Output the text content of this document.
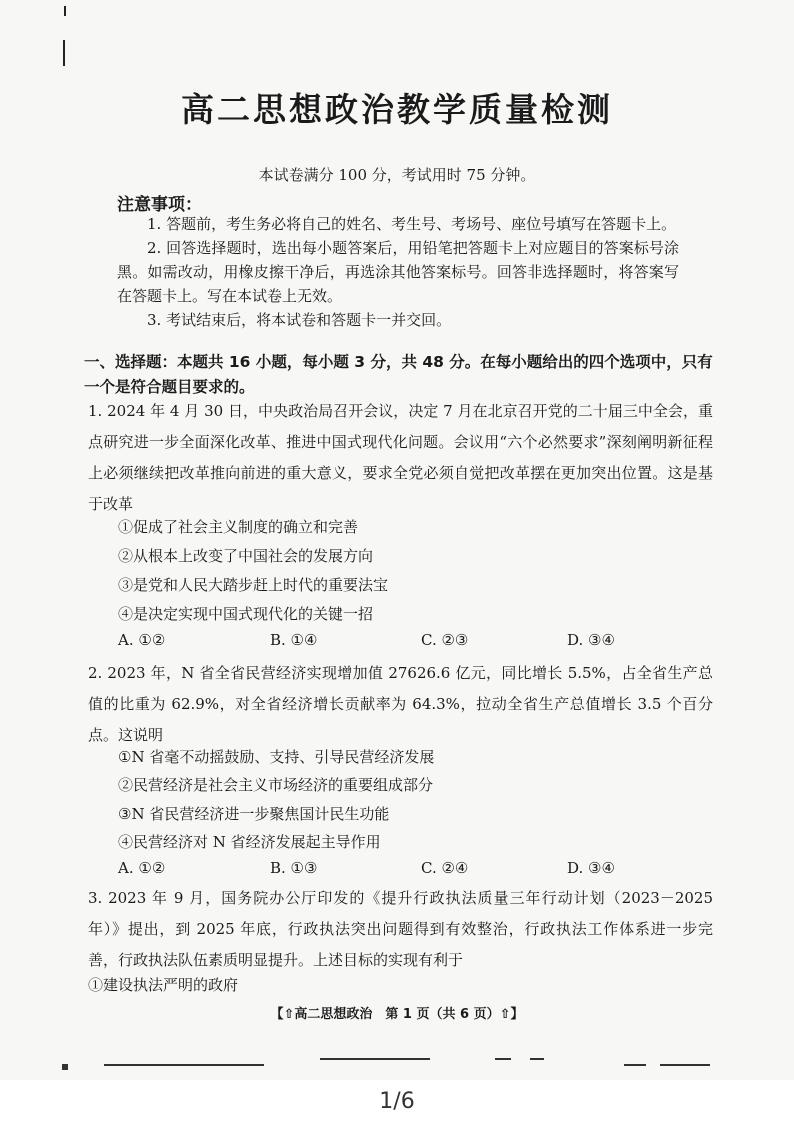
高二思想政治教学质量检测
本试卷满分 100 分，考试用时 75 分钟。
注意事项：
1. 答题前，考生务必将自己的姓名、考生号、考场号、座位号填写在答题卡上。
2. 回答选择题时，选出每小题答案后，用铅笔把答题卡上对应题目的答案标号涂黑。如需改动，用橡皮擦干净后，再选涂其他答案标号。回答非选择题时，将答案写在答题卡上。写在本试卷上无效。
3. 考试结束后，将本试卷和答题卡一并交回。
一、选择题：本题共 16 小题，每小题 3 分，共 48 分。在每小题给出的四个选项中，只有一个是符合题目要求的。
1. 2024 年 4 月 30 日，中央政治局召开会议，决定 7 月在北京召开党的二十届三中全会，重点研究进一步全面深化改革、推进中国式现代化问题。会议用“六个必然要求”深刻阐明新征程上必须继续把改革推向前进的重大意义，要求全党必须自觉把改革摆在更加突出位置。这是基于改革
①促成了社会主义制度的确立和完善
②从根本上改变了中国社会的发展方向
③是党和人民大踏步赶上时代的重要法宝
④是决定实现中国式现代化的关键一招
A. ①②	B. ①④	C. ②③	D. ③④
2. 2023 年，N 省全省民营经济实现增加值 27626.6 亿元，同比增长 5.5%，占全省生产总值的比重为 62.9%，对全省经济增长贡献率为 64.3%，拉动全省生产总值增长 3.5 个百分点。这说明
①N 省毫不动摇鼓励、支持、引导民营经济发展
②民营经济是社会主义市场经济的重要组成部分
③N 省民营经济进一步聚焦国计民生功能
④民营经济对 N 省经济发展起主导作用
A. ①②	B. ①③	C. ②④	D. ③④
3. 2023 年 9 月，国务院办公厅印发的《提升行政执法质量三年行动计划（2023－2025 年）》提出，到 2025 年底，行政执法突出问题得到有效整治，行政执法工作体系进一步完善，行政执法队伍素质明显提升。上述目标的实现有利于
①建设执法严明的政府
【⇧高二思想政治　第 1 页（共 6 页）⇧】
1/6
